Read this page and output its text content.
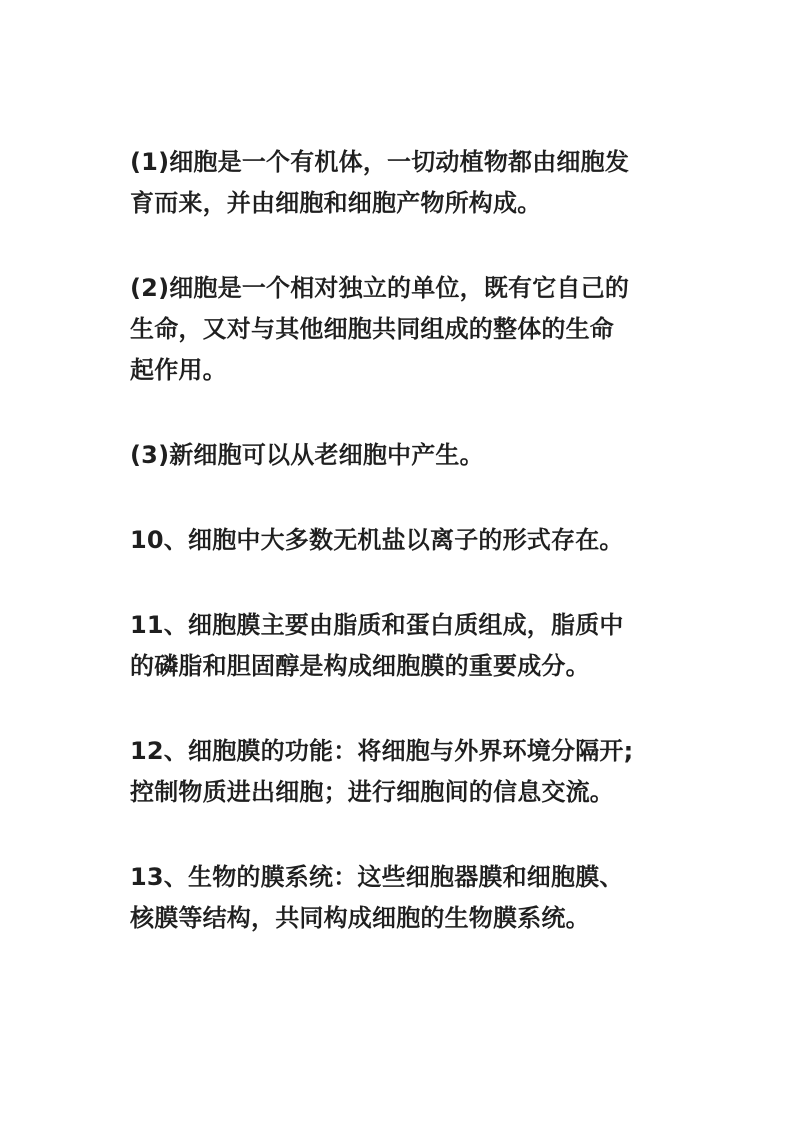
(1)细胞是一个有机体，一切动植物都由细胞发
育而来，并由细胞和细胞产物所构成。

(2)细胞是一个相对独立的单位，既有它自己的
生命，又对与其他细胞共同组成的整体的生命
起作用。

(3)新细胞可以从老细胞中产生。

10、细胞中大多数无机盐以离子的形式存在。

11、细胞膜主要由脂质和蛋白质组成，脂质中
的磷脂和胆固醇是构成细胞膜的重要成分。

12、细胞膜的功能：将细胞与外界环境分隔开;
控制物质进出细胞；进行细胞间的信息交流。

13、生物的膜系统：这些细胞器膜和细胞膜、
核膜等结构，共同构成细胞的生物膜系统。
